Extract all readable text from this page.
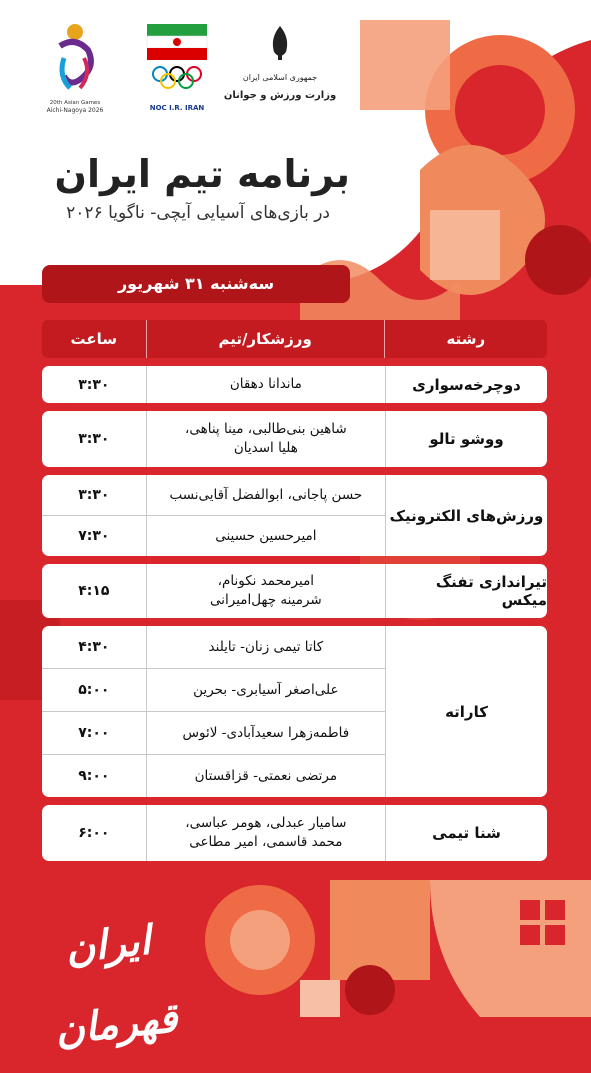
20th Asian Games
Aichi-Nagoya 2026	NOC I.R. IRAN
جمهوری اسلامی ایران
وزارت ورزش و جوانان
برنامه تیم ایران
در بازی‌های آسیایی آیچی- ناگویا ۲۰۲۶
سه‌شنبه ۳۱ شهریور
رشته
ورزشکار/تیم
ساعت
دوچرخه‌سواری
ماندانا دهقان
۳:۳۰
ووشو تالو
شاهین بنی‌طالبی، مینا پناهی،
هلیا اسدیان
۳:۳۰
ورزش‌های الکترونیک
حسن پاجانی، ابوالفضل آقایی‌نسب
۳:۳۰
امیرحسین حسینی
۷:۳۰
تیراندازی تفنگ میکس
امیرمحمد نکونام،
شرمینه چهل‌امیرانی
۴:۱۵
کاراته
کاتا تیمی زنان- تایلند
۴:۳۰
علی‌اصغر آسیابری- بحرین
۵:۰۰
فاطمه‌زهرا سعیدآبادی- لائوس
۷:۰۰
مرتضی نعمتی- قزاقستان
۹:۰۰
شنا تیمی
سامیار عبدلی، هومر عباسی،
محمد قاسمی، امیر مطاعی
۶:۰۰
ایران قهرمان
